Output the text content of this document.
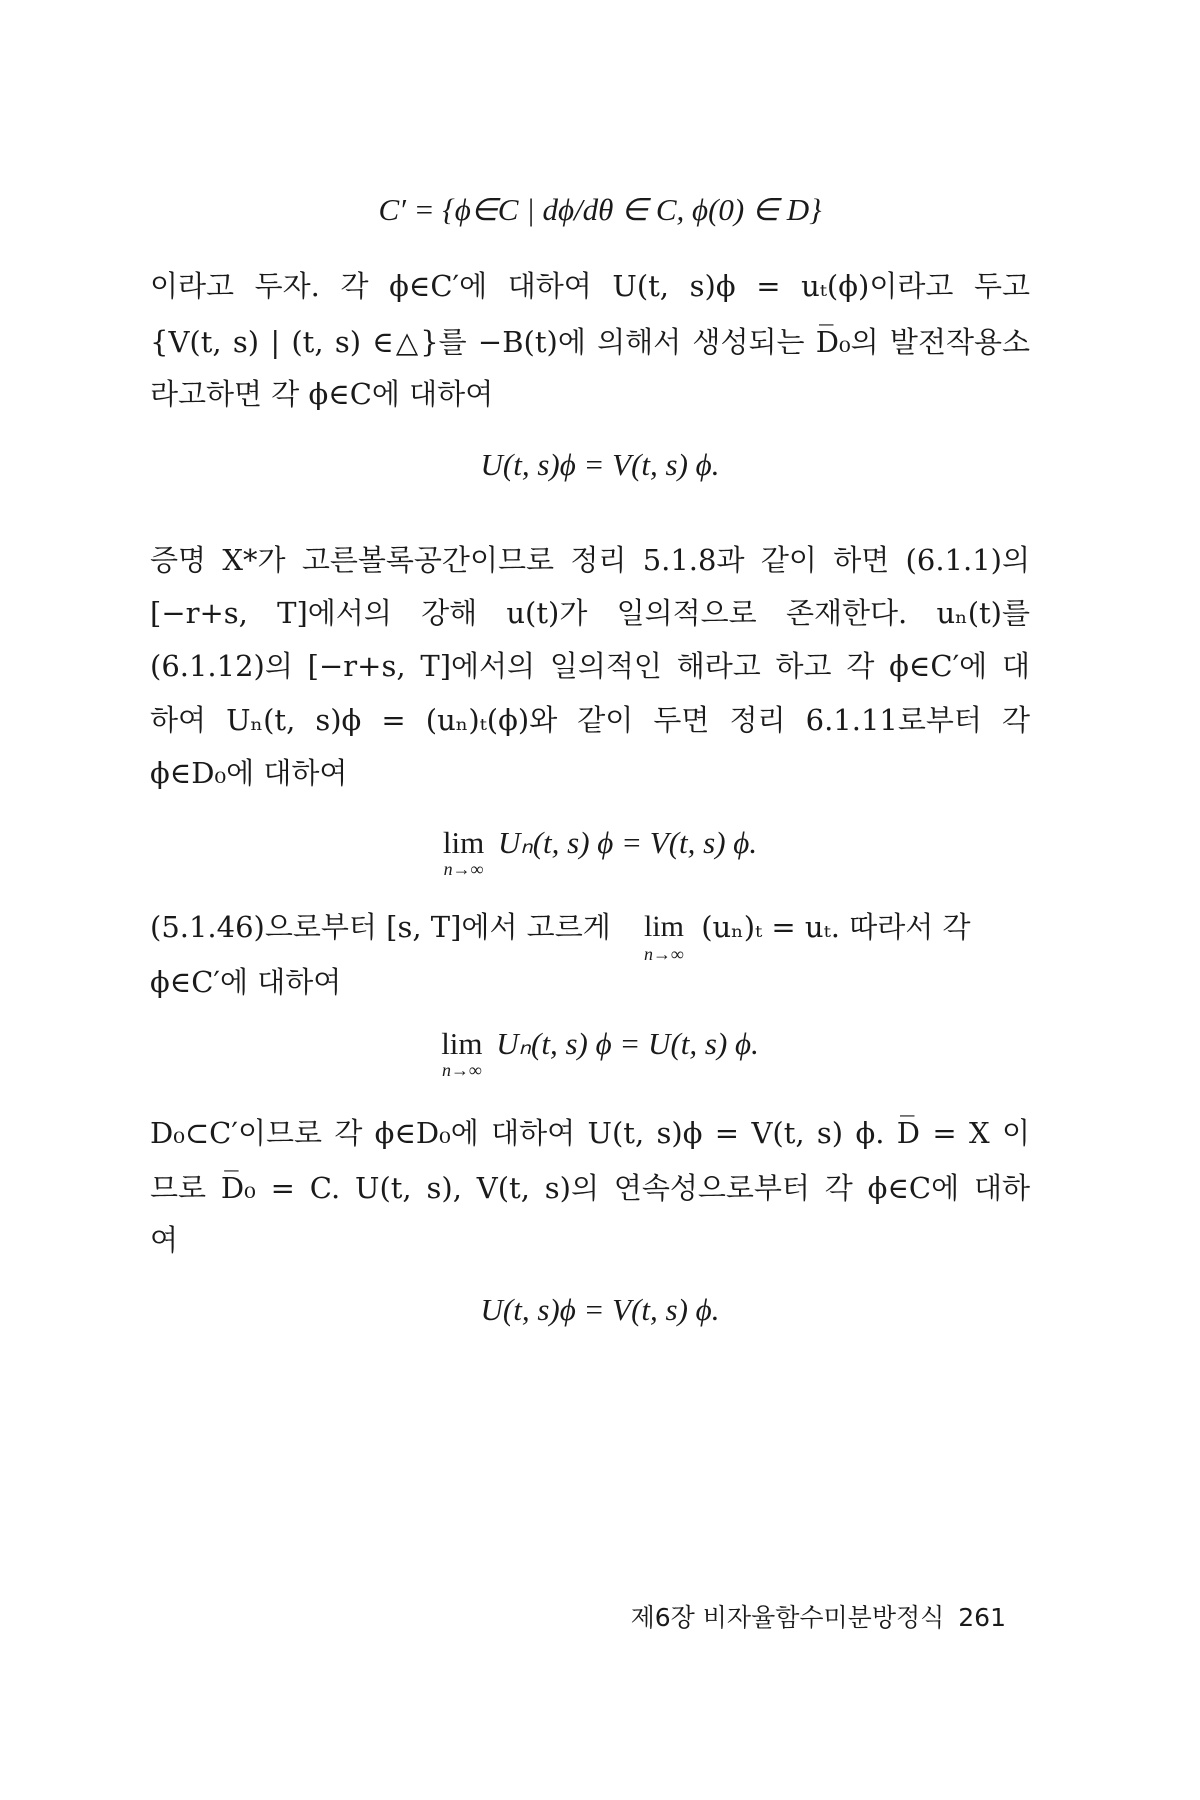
C′ = {ϕ∈C | dϕ/dθ ∈ C, ϕ(0) ∈ D}
이라고 두자. 각 ϕ∈C′에 대하여 U(t, s)ϕ = uₜ(ϕ)이라고 두고
{V(t, s) | (t, s) ∈△}를 −B(t)에 의해서 생성되는 D̅₀의 발전작용소
라고하면 각 ϕ∈C에 대하여
U(t, s)ϕ = V(t, s) ϕ.
증명 X*가 고른볼록공간이므로 정리 5.1.8과 같이 하면 (6.1.1)의
[−r+s, T]에서의 강해 u(t)가 일의적으로 존재한다. uₙ(t)를
(6.1.12)의 [−r+s, T]에서의 일의적인 해라고 하고 각 ϕ∈C′에 대
하여 Uₙ(t, s)ϕ = (uₙ)ₜ(ϕ)와 같이 두면 정리 6.1.11로부터 각
ϕ∈D₀에 대하여
lim
n→∞
Uₙ(t, s) ϕ = V(t, s) ϕ.
(5.1.46)으로부터 [s, T]에서 고르게 lim
n→∞
(uₙ)ₜ = uₜ. 따라서 각
ϕ∈C′에 대하여
lim
n→∞
Uₙ(t, s) ϕ = U(t, s) ϕ.
D₀⊂C′이므로 각 ϕ∈D₀에 대하여 U(t, s)ϕ = V(t, s) ϕ. D̅ = X 이
므로 D̅₀ = C. U(t, s), V(t, s)의 연속성으로부터 각 ϕ∈C에 대하
여
U(t, s)ϕ = V(t, s) ϕ.
제6장 비자율함수미분방정식 261
